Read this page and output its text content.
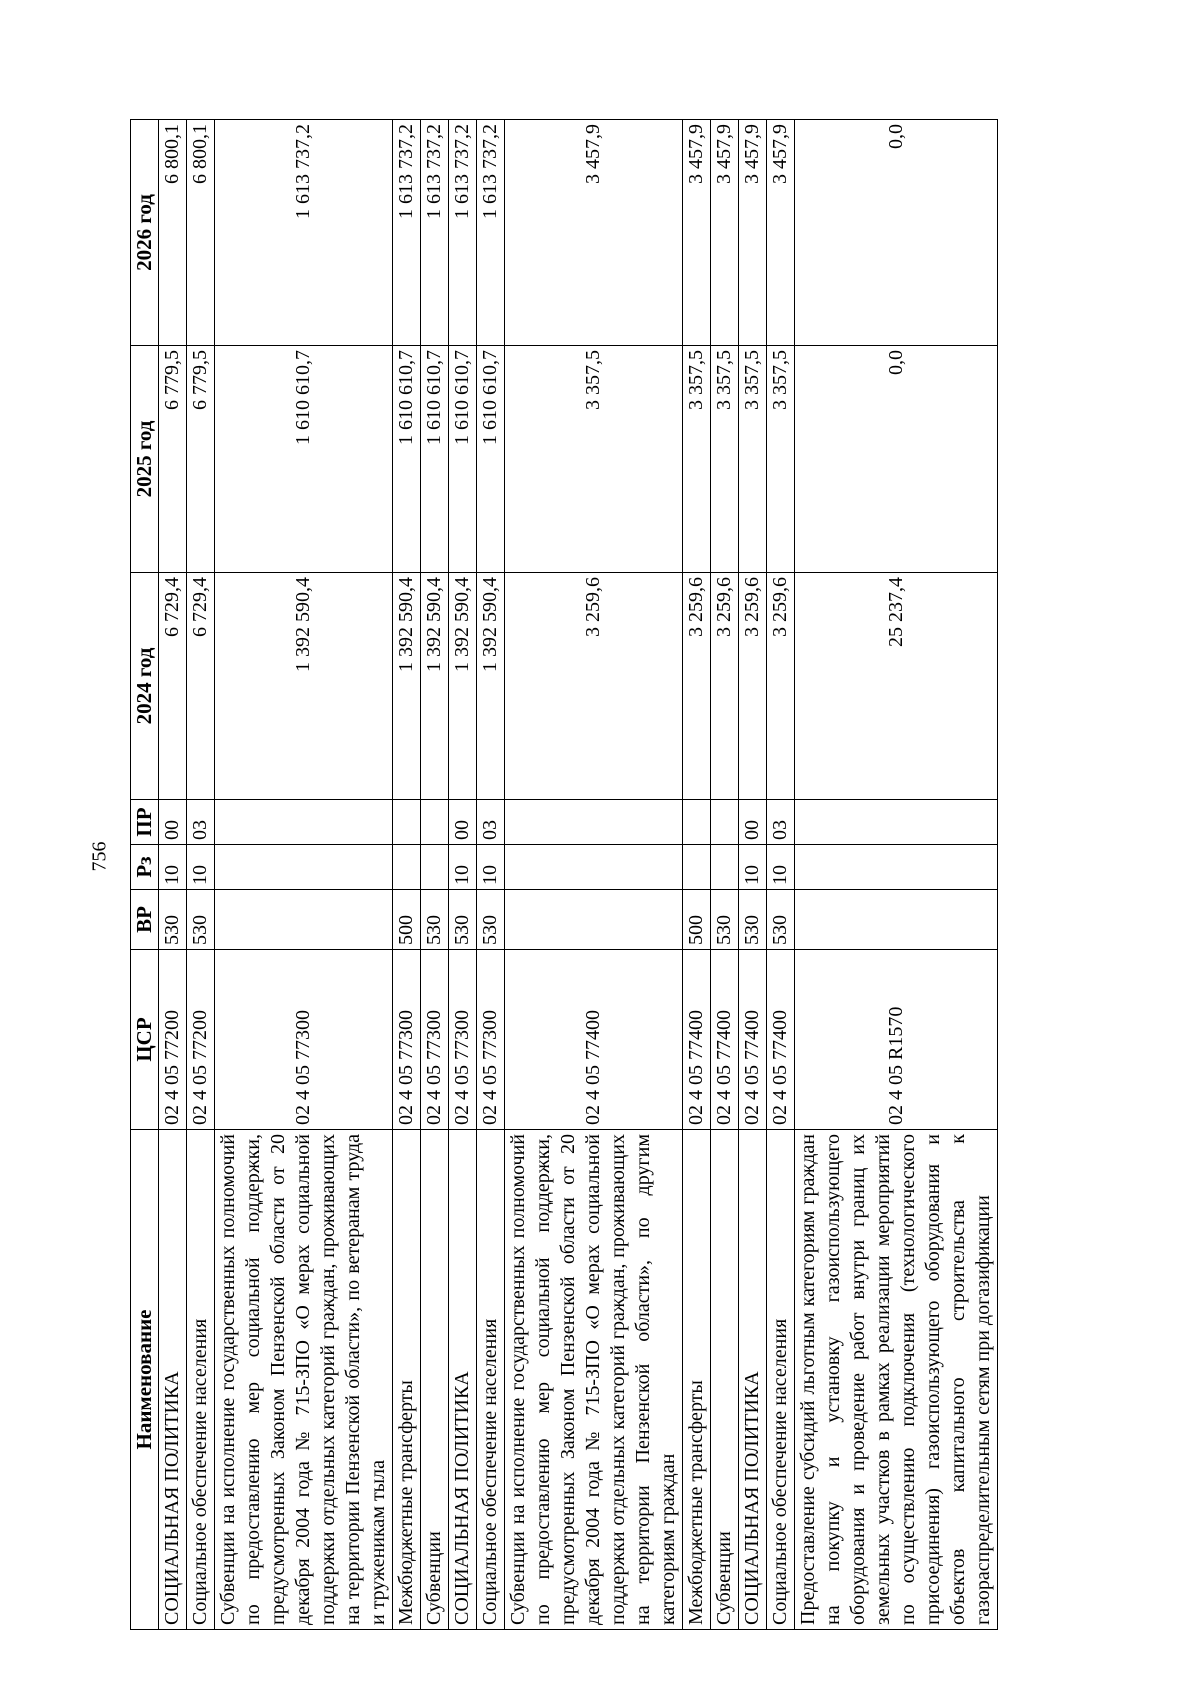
756
Наименование	ЦСР	ВР	Рз	ПР	2024 год	2025 год	2026 год
СОЦИАЛЬНАЯ ПОЛИТИКА	02 4 05 77200	530	10	00	6 729,4	6 779,5	6 800,1
Социальное обеспечение населения	02 4 05 77200	530	10	03	6 729,4	6 779,5	6 800,1
Субвенции на исполнение государственных полномочий по предоставлению мер социальной поддержки, предусмотренных Законом Пензенской области от 20 декабря 2004 года № 715-ЗПО «О мерах социальной поддержки отдельных категорий граждан, проживающих на территории Пензенской области», по ветеранам труда и труженикам тыла	02 4 05 77300				1 392 590,4	1 610 610,7	1 613 737,2
Межбюджетные трансферты	02 4 05 77300	500			1 392 590,4	1 610 610,7	1 613 737,2
Субвенции	02 4 05 77300	530			1 392 590,4	1 610 610,7	1 613 737,2
СОЦИАЛЬНАЯ ПОЛИТИКА	02 4 05 77300	530	10	00	1 392 590,4	1 610 610,7	1 613 737,2
Социальное обеспечение населения	02 4 05 77300	530	10	03	1 392 590,4	1 610 610,7	1 613 737,2
Субвенции на исполнение государственных полномочий по предоставлению мер социальной поддержки, предусмотренных Законом Пензенской области от 20 декабря 2004 года № 715-ЗПО «О мерах социальной поддержки отдельных категорий граждан, проживающих на территории Пензенской области», по другим категориям граждан	02 4 05 77400				3 259,6	3 357,5	3 457,9
Межбюджетные трансферты	02 4 05 77400	500			3 259,6	3 357,5	3 457,9
Субвенции	02 4 05 77400	530			3 259,6	3 357,5	3 457,9
СОЦИАЛЬНАЯ ПОЛИТИКА	02 4 05 77400	530	10	00	3 259,6	3 357,5	3 457,9
Социальное обеспечение населения	02 4 05 77400	530	10	03	3 259,6	3 357,5	3 457,9
Предоставление субсидий льготным категориям граждан на покупку и установку газоиспользующего оборудования и проведение работ внутри границ их земельных участков в рамках реализации мероприятий по осуществлению подключения (технологического присоединения) газоиспользующего оборудования и объектов капитального строительства к газораспределительным сетям при догазификации	02 4 05 R1570				25 237,4	0,0	0,0
